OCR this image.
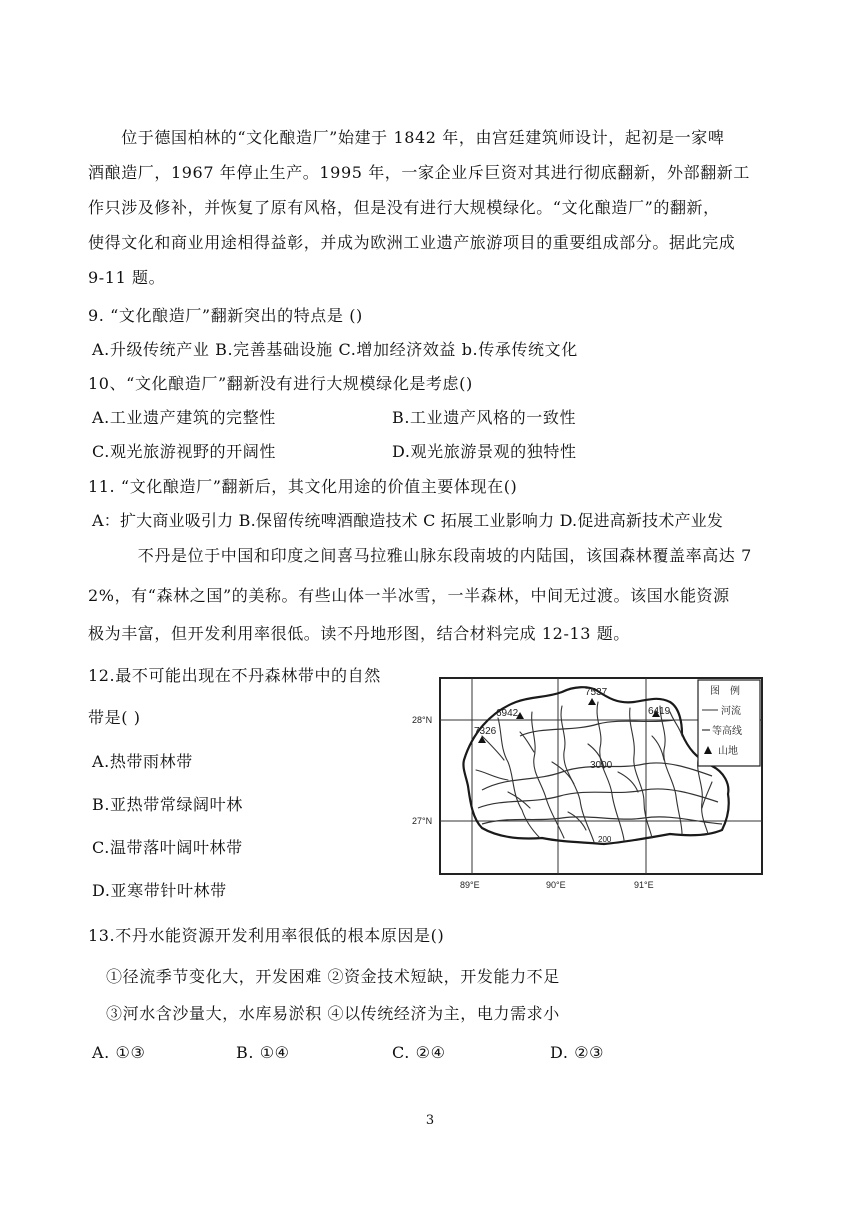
　　位于德国柏林的“文化酿造厂”始建于 1842 年，由宫廷建筑师设计，起初是一家啤
酒酿造厂，1967 年停止生产。1995 年，一家企业斥巨资对其进行彻底翻新，外部翻新工
作只涉及修补，并恢复了原有风格，但是没有进行大规模绿化。“文化酿造厂”的翻新，
使得文化和商业用途相得益彰，并成为欧洲工业遗产旅游项目的重要组成部分。据此完成
9-11 题。
9. “文化酿造厂”翻新突出的特点是 ()
A.升级传统产业 B.完善基础设施 C.增加经济效益 b.传承传统文化
10、“文化酿造厂”翻新没有进行大规模绿化是考虑()
A.工业遗产建筑的完整性	B.工业遗产风格的一致性
C.观光旅游视野的开阔性	D.观光旅游景观的独特性
11. “文化酿造厂”翻新后，其文化用途的价值主要体现在()
A：扩大商业吸引力 B.保留传统啤酒酿造技术 C 拓展工业影响力 D.促进高新技术产业发
　　　不丹是位于中国和印度之间喜马拉雅山脉东段南坡的内陆国，该国森林覆盖率高达 7
2%，有“森林之国”的美称。有些山体一半冰雪，一半森林，中间无过渡。该国水能资源
极为丰富，但开发利用率很低。读不丹地形图，结合材料完成 12-13 题。
12.最不可能出现在不丹森林带中的自然
带是( )
A.热带雨林带
B.亚热带常绿阔叶林
C.温带落叶阔叶林带
D.亚寒带针叶林带
7537
6942	6419
7326
3000
200
28°N
27°N
89°E	90°E	91°E
图　例
河流
等高线
山地
13.不丹水能资源开发利用率很低的根本原因是()
①径流季节变化大，开发困难 ②资金技术短缺，开发能力不足
③河水含沙量大，水库易淤积 ④以传统经济为主，电力需求小
A. ①③	B. ①④	C. ②④	D. ②③
3
